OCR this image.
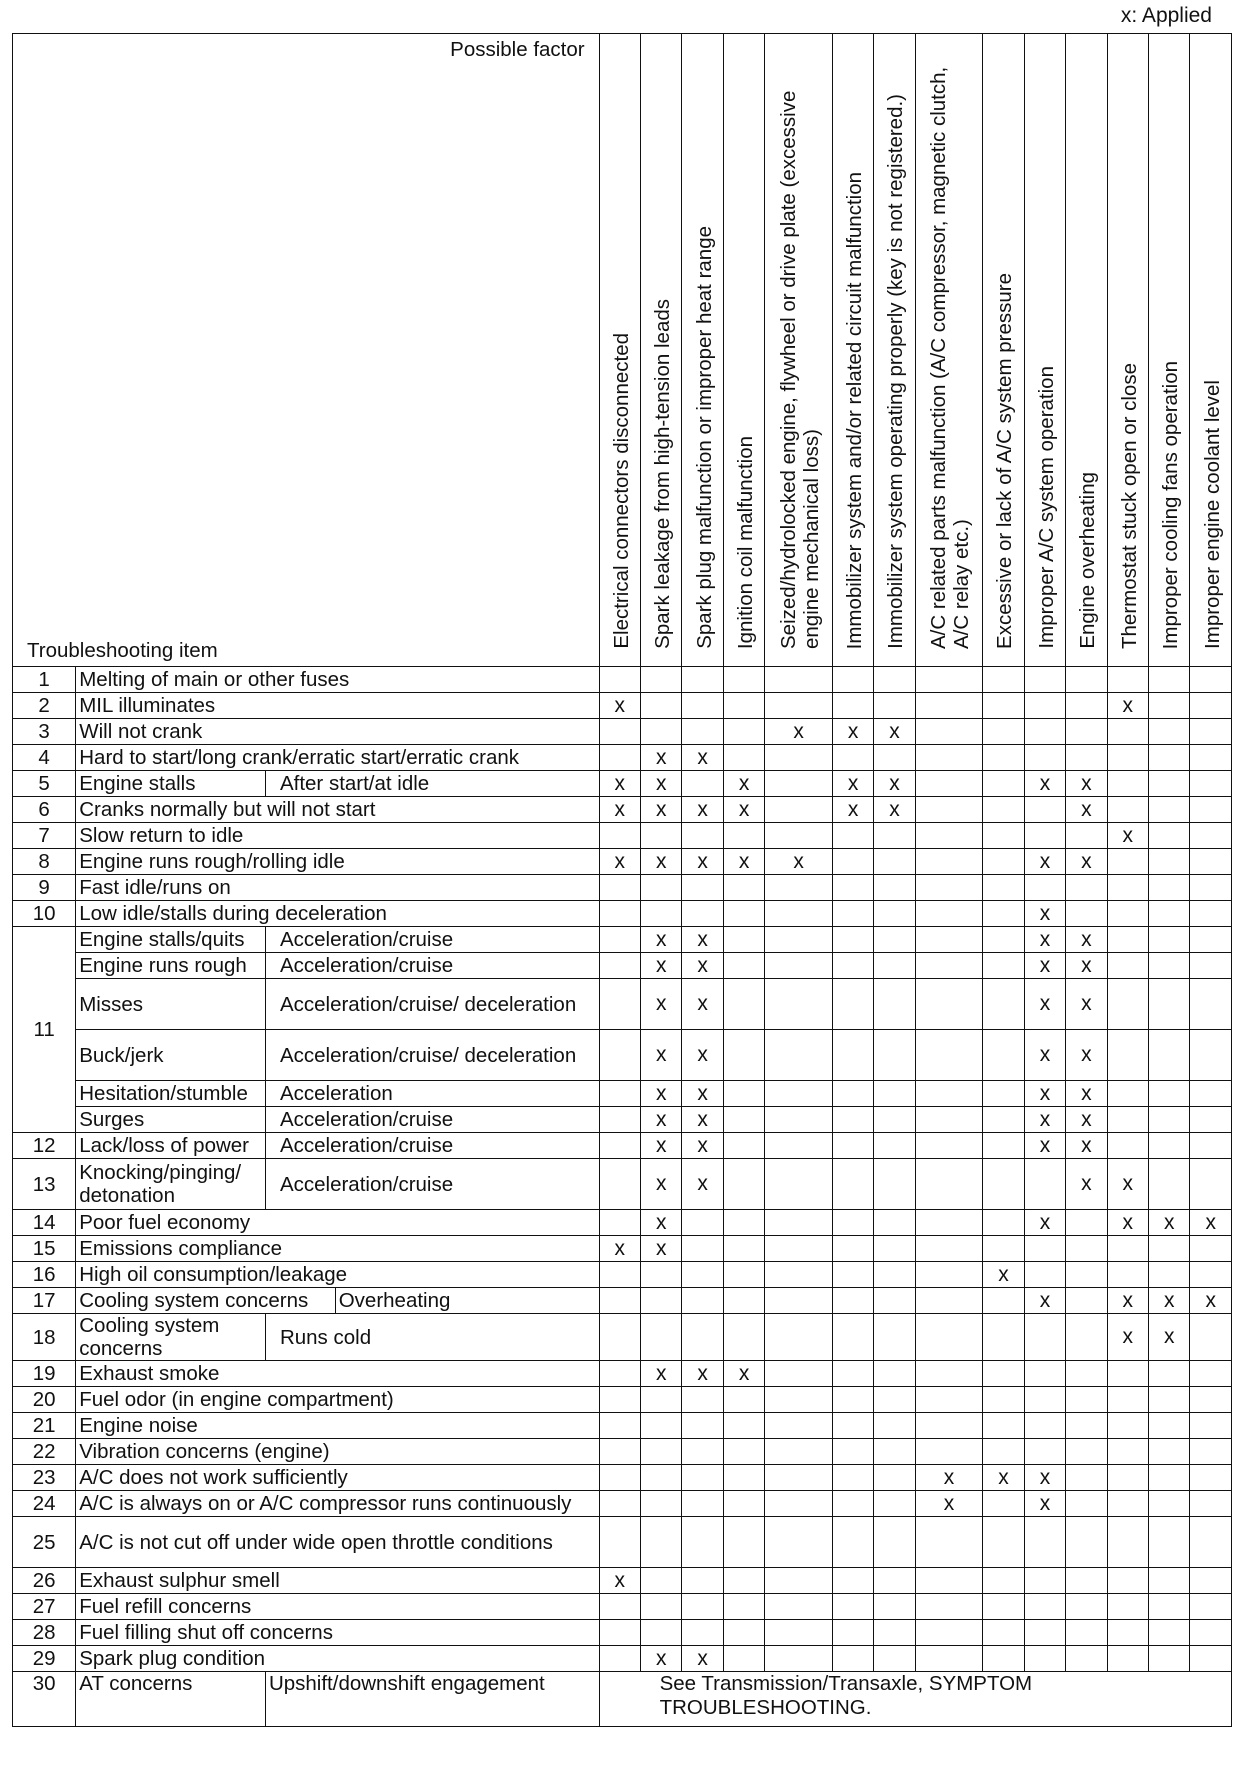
x: Applied
Possible factor
Troubleshooting item				Electrical connectors disconnected	Spark leakage from high-tension leads	Spark plug malfunction or improper heat range	Ignition coil malfunction	Seized/hydrolocked engine, flywheel or drive plate (excessive engine mechanical loss)	Immobilizer system and/or related circuit malfunction	Immobilizer system operating properly (key is not registered.)	A/C related parts malfunction (A/C compressor, magnetic clutch, A/C relay etc.)	Excessive or lack of A/C system pressure	Improper A/C system operation	Engine overheating	Thermostat stuck open or close	Improper cooling fans operation	Improper engine coolant level
1	Melting of main or other fuses																
2	MIL illuminates			x											x		
3	Will not crank							x	x	x							
4	Hard to start/long crank/erratic start/erratic crank				x	x											
5	Engine stalls	After start/at idle		x	x		x		x	x			x	x			
6	Cranks normally but will not start			x	x	x	x		x	x				x			
7	Slow return to idle														x		
8	Engine runs rough/rolling idle			x	x	x	x	x					x	x			
9	Fast idle/runs on																
10	Low idle/stalls during deceleration												x				
11	Engine stalls/quits	Acceleration/cruise			x	x							x	x			
	Engine runs rough	Acceleration/cruise			x	x							x	x			
	Misses	Acceleration/cruise/ deceleration			x	x							x	x			
	Buck/jerk	Acceleration/cruise/ deceleration			x	x							x	x			
	Hesitation/stumble	Acceleration			x	x							x	x			
	Surges	Acceleration/cruise			x	x							x	x			
12	Lack/loss of power	Acceleration/cruise			x	x							x	x			
13	Knocking/pinging/ detonation	Acceleration/cruise			x	x								x	x		
14	Poor fuel economy				x								x		x	x	x
15	Emissions compliance			x	x												
16	High oil consumption/leakage											x					
17	Cooling system concerns		Overheating										x		x	x	x
18	Cooling system concerns	Runs cold													x	x	
19	Exhaust smoke				x	x	x										
20	Fuel odor (in engine compartment)																
21	Engine noise																
22	Vibration concerns (engine)																
23	A/C does not work sufficiently										x	x	x				
24	A/C is always on or A/C compressor runs continuously										x		x				
25	A/C is not cut off under wide open throttle conditions																
26	Exhaust sulphur smell			x													
27	Fuel refill concerns																
28	Fuel filling shut off concerns																
29	Spark plug condition				x	x											
30	AT concerns	Upshift/downshift engagement		See Transmission/Transaxle, SYMPTOM TROUBLESHOOTING.													
